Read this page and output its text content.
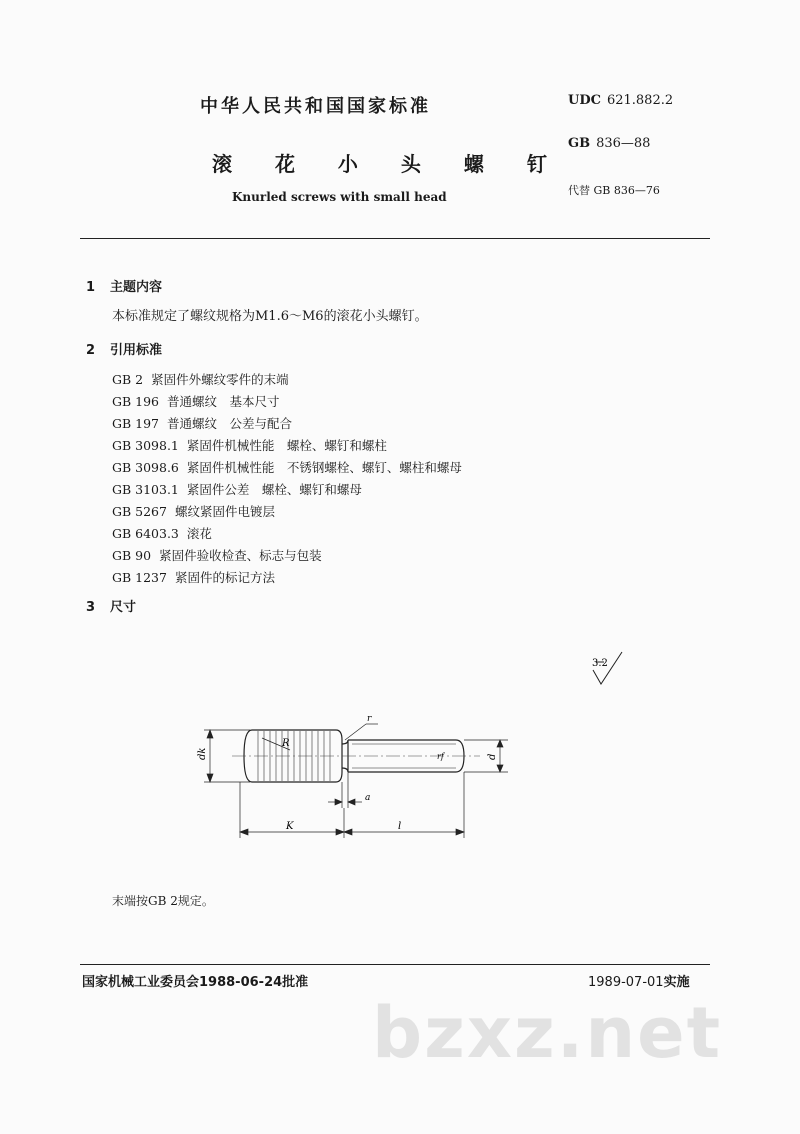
中华人民共和国国家标准
滚 花 小 头 螺 钉
Knurled screws with small head
UDC 621.882.2
GB 836—88
代替 GB 836—76
1 主题内容
本标准规定了螺纹规格为M1.6～M6的滚花小头螺钉。
2 引用标准
GB 2 紧固件外螺纹零件的末端
GB 196 普通螺纹　基本尺寸
GB 197 普通螺纹　公差与配合
GB 3098.1 紧固件机械性能　螺栓、螺钉和螺柱
GB 3098.6 紧固件机械性能　不锈钢螺栓、螺钉、螺柱和螺母
GB 3103.1 紧固件公差　螺栓、螺钉和螺母
GB 5267 螺纹紧固件电镀层
GB 6403.3 滚花
GB 90 紧固件验收检查、标志与包装
GB 1237 紧固件的标记方法
3 尺寸
3.2
R
r
rf
dk	d
a
K	l
末端按GB 2规定。
国家机械工业委员会1988-06-24批准	1989-07-01实施
bzxz.net
